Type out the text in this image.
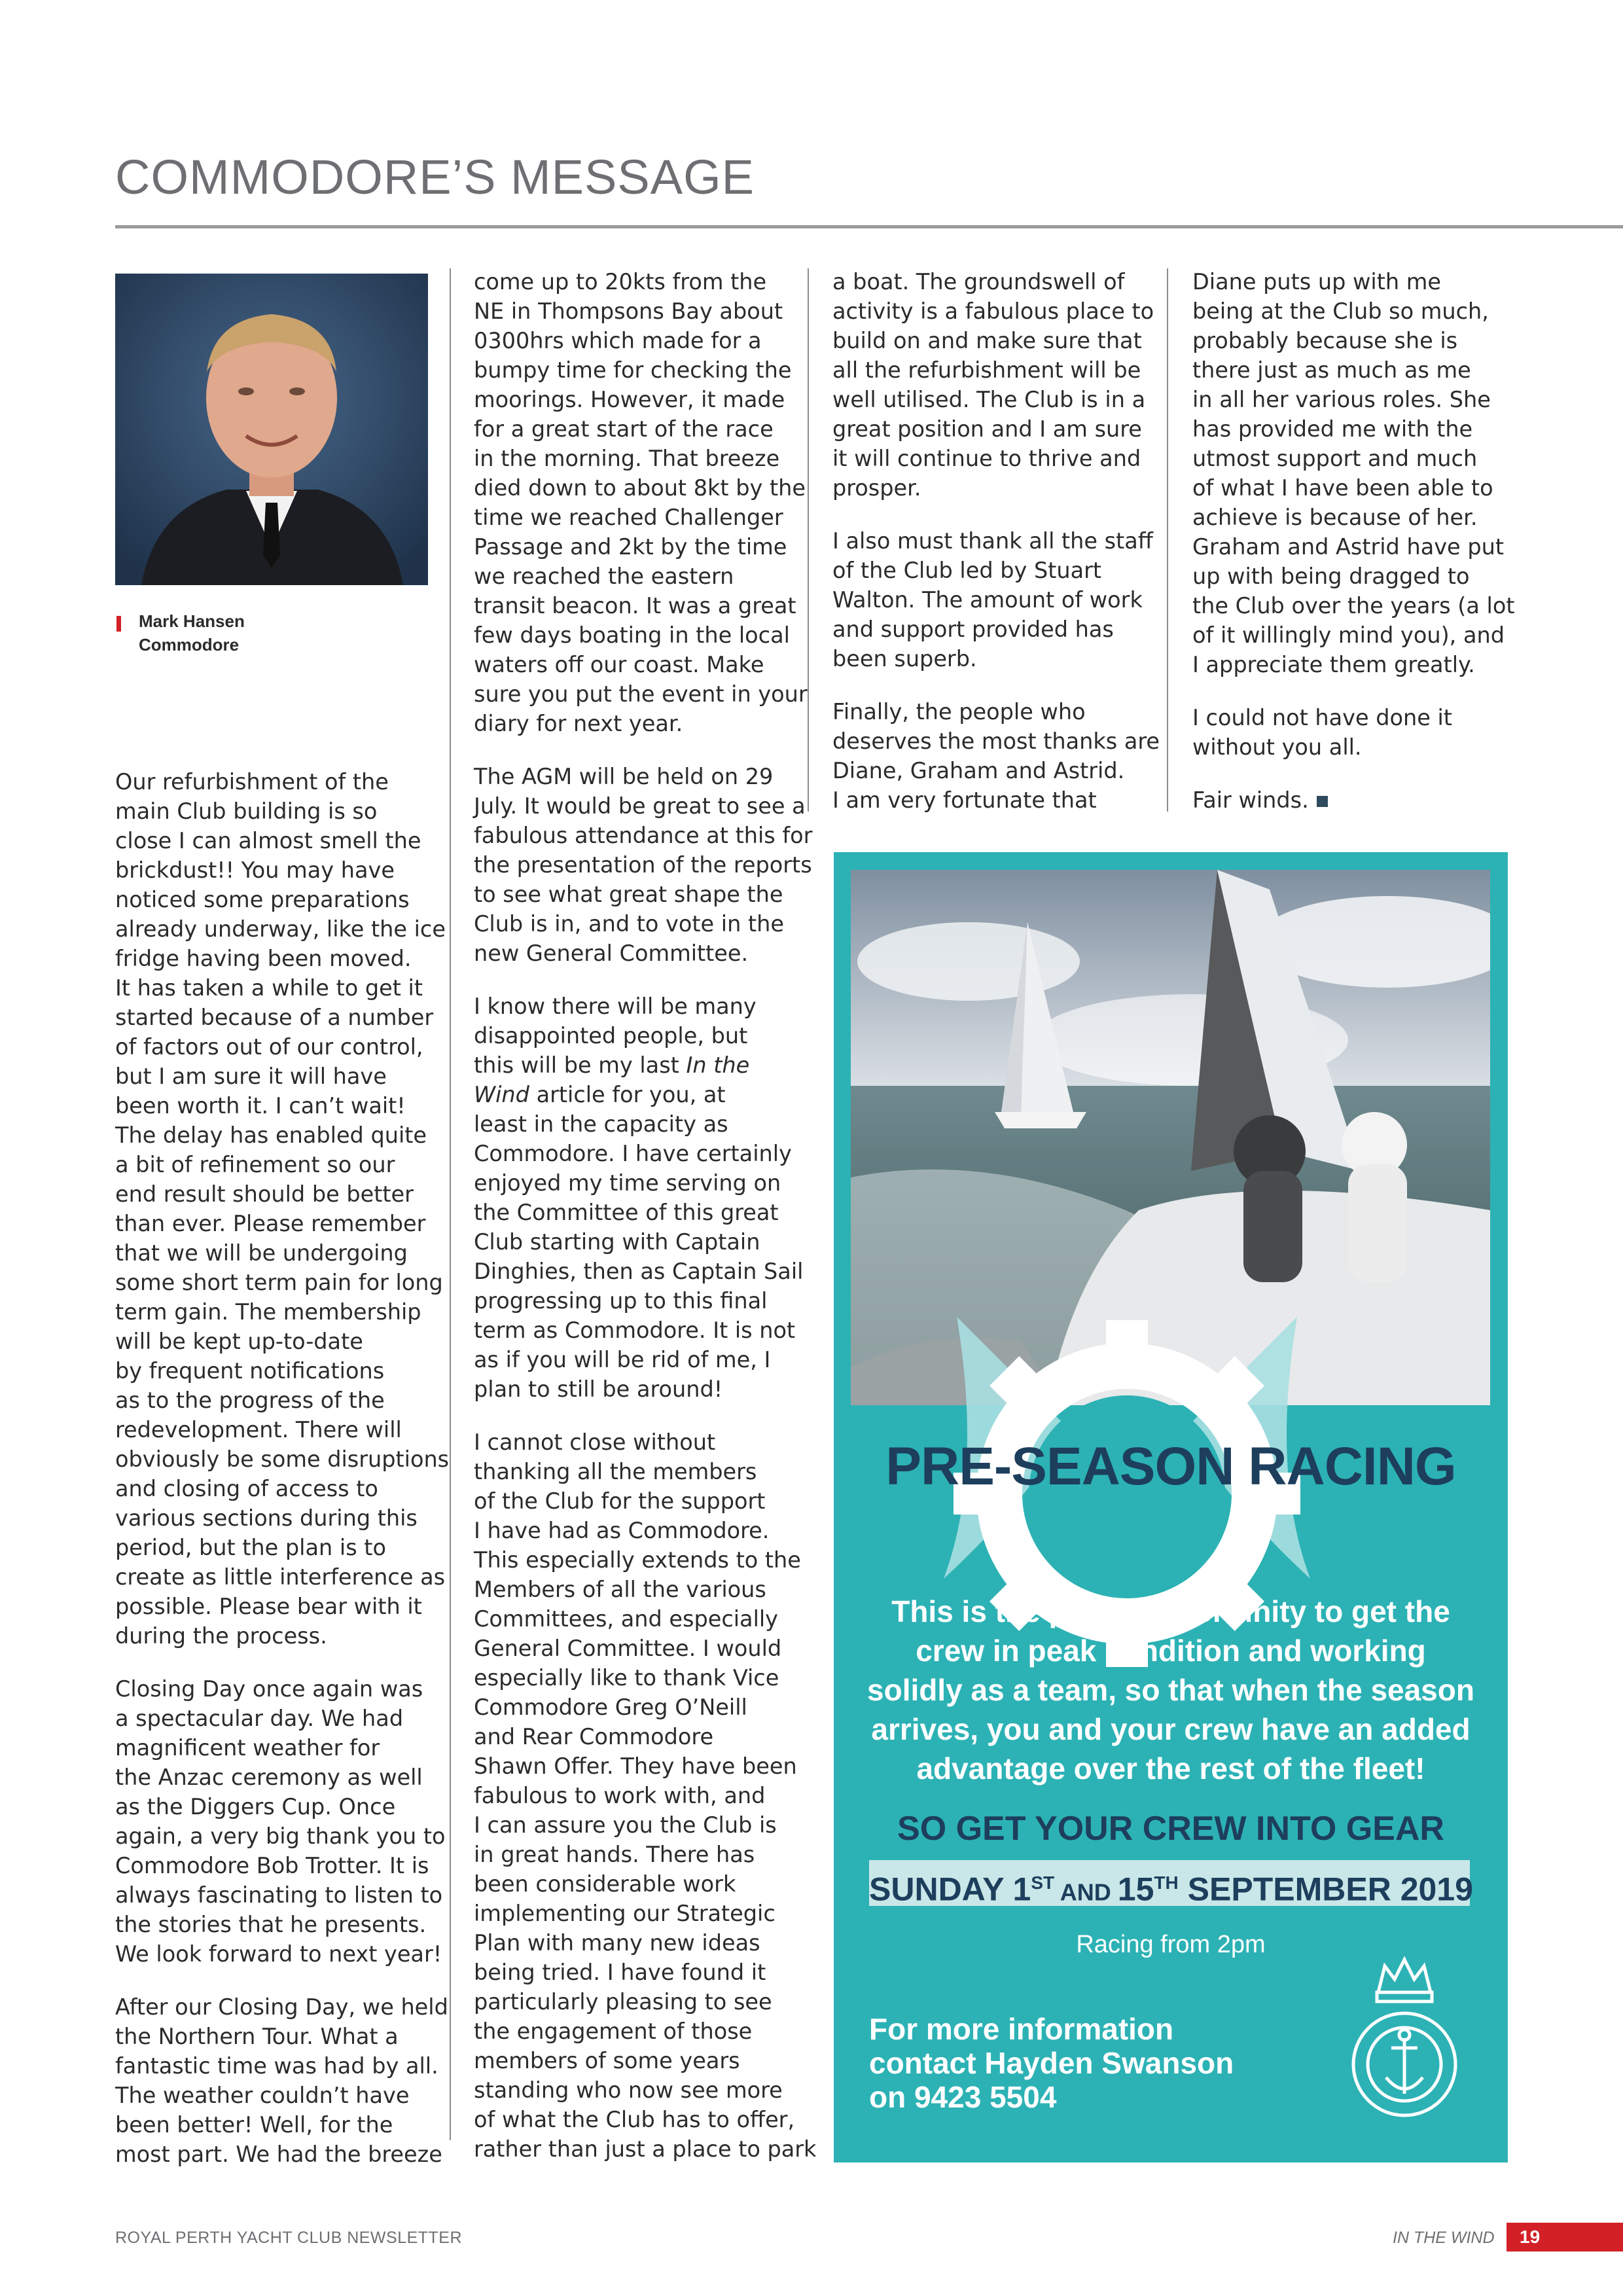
COMMODORE’S MESSAGE
Mark Hansen
Commodore

Our refurbishment of the
main Club building is so
close I can almost smell the
brickdust!! You may have
noticed some preparations
already underway, like the ice
fridge having been moved.
It has taken a while to get it
started because of a number
of factors out of our control,
but I am sure it will have
been worth it. I can’t wait!
The delay has enabled quite
a bit of refinement so our
end result should be better
than ever. Please remember
that we will be undergoing
some short term pain for long
term gain. The membership
will be kept up-to-date
by frequent notifications
as to the progress of the
redevelopment. There will
obviously be some disruptions
and closing of access to
various sections during this
period, but the plan is to
create as little interference as
possible. Please bear with it
during the process.

Closing Day once again was
a spectacular day. We had
magnificent weather for
the Anzac ceremony as well
as the Diggers Cup. Once
again, a very big thank you to
Commodore Bob Trotter. It is
always fascinating to listen to
the stories that he presents.
We look forward to next year!

After our Closing Day, we held
the Northern Tour. What a
fantastic time was had by all.
The weather couldn’t have
been better! Well, for the
most part. We had the breeze

come up to 20kts from the
NE in Thompsons Bay about
0300hrs which made for a
bumpy time for checking the
moorings. However, it made
for a great start of the race
in the morning. That breeze
died down to about 8kt by the
time we reached Challenger
Passage and 2kt by the time
we reached the eastern
transit beacon. It was a great
few days boating in the local
waters off our coast. Make
sure you put the event in your
diary for next year.

The AGM will be held on 29
July. It would be great to see a
fabulous attendance at this for
the presentation of the reports
to see what great shape the
Club is in, and to vote in the
new General Committee.

I know there will be many
disappointed people, but
this will be my last In the
Wind article for you, at
least in the capacity as
Commodore. I have certainly
enjoyed my time serving on
the Committee of this great
Club starting with Captain
Dinghies, then as Captain Sail
progressing up to this final
term as Commodore. It is not
as if you will be rid of me, I
plan to still be around!

I cannot close without
thanking all the members
of the Club for the support
I have had as Commodore.
This especially extends to the
Members of all the various
Committees, and especially
General Committee. I would
especially like to thank Vice
Commodore Greg O’Neill
and Rear Commodore
Shawn Offer. They have been
fabulous to work with, and
I can assure you the Club is
in great hands. There has
been considerable work
implementing our Strategic
Plan with many new ideas
being tried. I have found it
particularly pleasing to see
the engagement of those
members of some years
standing who now see more
of what the Club has to offer,
rather than just a place to park

a boat. The groundswell of
activity is a fabulous place to
build on and make sure that
all the refurbishment will be
well utilised. The Club is in a
great position and I am sure
it will continue to thrive and
prosper.

I also must thank all the staff
of the Club led by Stuart
Walton. The amount of work
and support provided has
been superb.

Finally, the people who
deserves the most thanks are
Diane, Graham and Astrid.
I am very fortunate that

Diane puts up with me
being at the Club so much,
probably because she is
there just as much as me
in all her various roles. She
has provided me with the
utmost support and much
of what I have been able to
achieve is because of her.
Graham and Astrid have put
up with being dragged to
the Club over the years (a lot
of it willingly mind you), and
I appreciate them greatly.

I could not have done it
without you all.

Fair winds.

PRE-SEASON RACING
This is the prime opportunity to get the
crew in peak condition and working
solidly as a team, so that when the season
arrives, you and your crew have an added
advantage over the rest of the fleet!
SO GET YOUR CREW INTO GEAR
SUNDAY 1ST AND 15TH SEPTEMBER 2019
Racing from 2pm
For more information
contact Hayden Swanson
on 9423 5504
ROYAL PERTH YACHT CLUB NEWSLETTER	IN THE WIND 19
